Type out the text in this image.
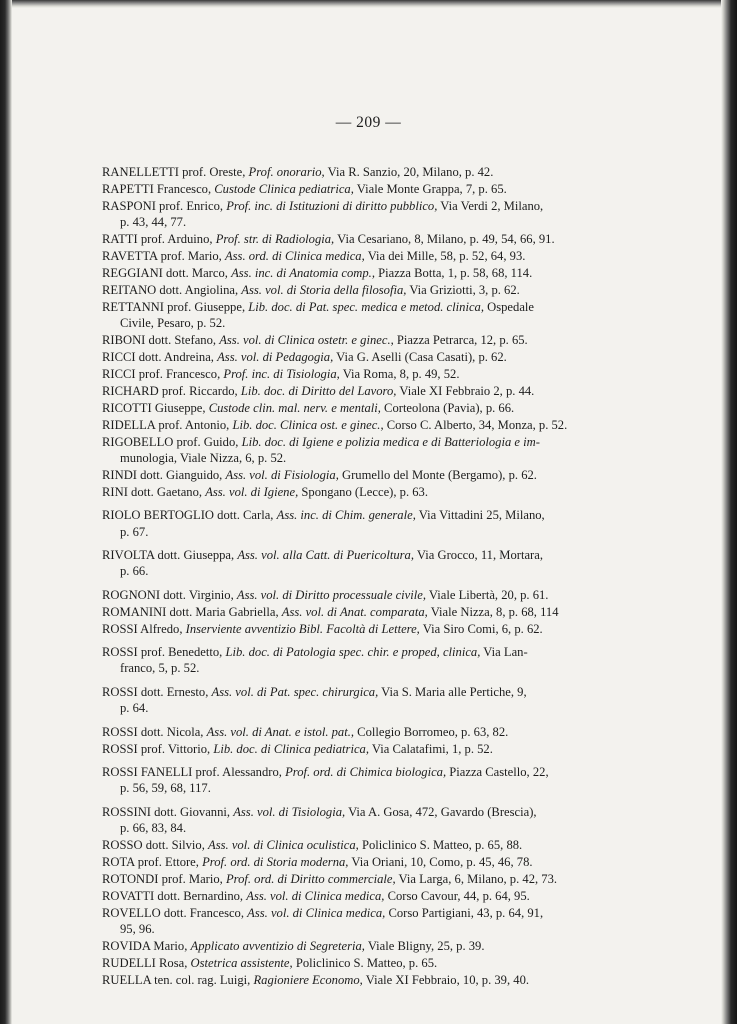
— 209 —
RANELLETTI prof. Oreste, Prof. onorario, Via R. Sanzio, 20, Milano, p. 42.
RAPETTI Francesco, Custode Clinica pediatrica, Viale Monte Grappa, 7, p. 65.
RASPONI prof. Enrico, Prof. inc. di Istituzioni di diritto pubblico, Via Verdi 2, Milano,
p. 43, 44, 77.
RATTI prof. Arduino, Prof. str. di Radiologia, Via Cesariano, 8, Milano, p. 49, 54, 66, 91.
RAVETTA prof. Mario, Ass. ord. di Clinica medica, Via dei Mille, 58, p. 52, 64, 93.
REGGIANI dott. Marco, Ass. inc. di Anatomia comp., Piazza Botta, 1, p. 58, 68, 114.
REITANO dott. Angiolina, Ass. vol. di Storia della filosofia, Via Griziotti, 3, p. 62.
RETTANNI prof. Giuseppe, Lib. doc. di Pat. spec. medica e metod. clinica, Ospedale
Civile, Pesaro, p. 52.
RIBONI dott. Stefano, Ass. vol. di Clinica ostetr. e ginec., Piazza Petrarca, 12, p. 65.
RICCI dott. Andreina, Ass. vol. di Pedagogia, Via G. Aselli (Casa Casati), p. 62.
RICCI prof. Francesco, Prof. inc. di Tisiologia, Via Roma, 8, p. 49, 52.
RICHARD prof. Riccardo, Lib. doc. di Diritto del Lavoro, Viale XI Febbraio 2, p. 44.
RICOTTI Giuseppe, Custode clin. mal. nerv. e mentali, Corteolona (Pavia), p. 66.
RIDELLA prof. Antonio, Lib. doc. Clinica ost. e ginec., Corso C. Alberto, 34, Monza, p. 52.
RIGOBELLO prof. Guido, Lib. doc. di Igiene e polizia medica e di Batteriologia e im-
munologia, Viale Nizza, 6, p. 52.
RINDI dott. Gianguido, Ass. vol. di Fisiologia, Grumello del Monte (Bergamo), p. 62.
RINI dott. Gaetano, Ass. vol. di Igiene, Spongano (Lecce), p. 63.
RIOLO BERTOGLIO dott. Carla, Ass. inc. di Chim. generale, Via Vittadini 25, Milano,
p. 67.
RIVOLTA dott. Giuseppa, Ass. vol. alla Catt. di Puericoltura, Via Grocco, 11, Mortara,
p. 66.
ROGNONI dott. Virginio, Ass. vol. di Diritto processuale civile, Viale Libertà, 20, p. 61.
ROMANINI dott. Maria Gabriella, Ass. vol. di Anat. comparata, Viale Nizza, 8, p. 68, 114
ROSSI Alfredo, Inserviente avventizio Bibl. Facoltà di Lettere, Via Siro Comi, 6, p. 62.
ROSSI prof. Benedetto, Lib. doc. di Patologia spec. chir. e proped, clinica, Via Lan-
franco, 5, p. 52.
ROSSI dott. Ernesto, Ass. vol. di Pat. spec. chirurgica, Via S. Maria alle Pertiche, 9,
p. 64.
ROSSI dott. Nicola, Ass. vol. di Anat. e istol. pat., Collegio Borromeo, p. 63, 82.
ROSSI prof. Vittorio, Lib. doc. di Clinica pediatrica, Via Calatafimi, 1, p. 52.
ROSSI FANELLI prof. Alessandro, Prof. ord. di Chimica biologica, Piazza Castello, 22,
p. 56, 59, 68, 117.
ROSSINI dott. Giovanni, Ass. vol. di Tisiologia, Via A. Gosa, 472, Gavardo (Brescia),
p. 66, 83, 84.
ROSSO dott. Silvio, Ass. vol. di Clinica oculistica, Policlinico S. Matteo, p. 65, 88.
ROTA prof. Ettore, Prof. ord. di Storia moderna, Via Oriani, 10, Como, p. 45, 46, 78.
ROTONDI prof. Mario, Prof. ord. di Diritto commerciale, Via Larga, 6, Milano, p. 42, 73.
ROVATTI dott. Bernardino, Ass. vol. di Clinica medica, Corso Cavour, 44, p. 64, 95.
ROVELLO dott. Francesco, Ass. vol. di Clinica medica, Corso Partigiani, 43, p. 64, 91,
95, 96.
ROVIDA Mario, Applicato avventizio di Segreteria, Viale Bligny, 25, p. 39.
RUDELLI Rosa, Ostetrica assistente, Policlinico S. Matteo, p. 65.
RUELLA ten. col. rag. Luigi, Ragioniere Economo, Viale XI Febbraio, 10, p. 39, 40.
